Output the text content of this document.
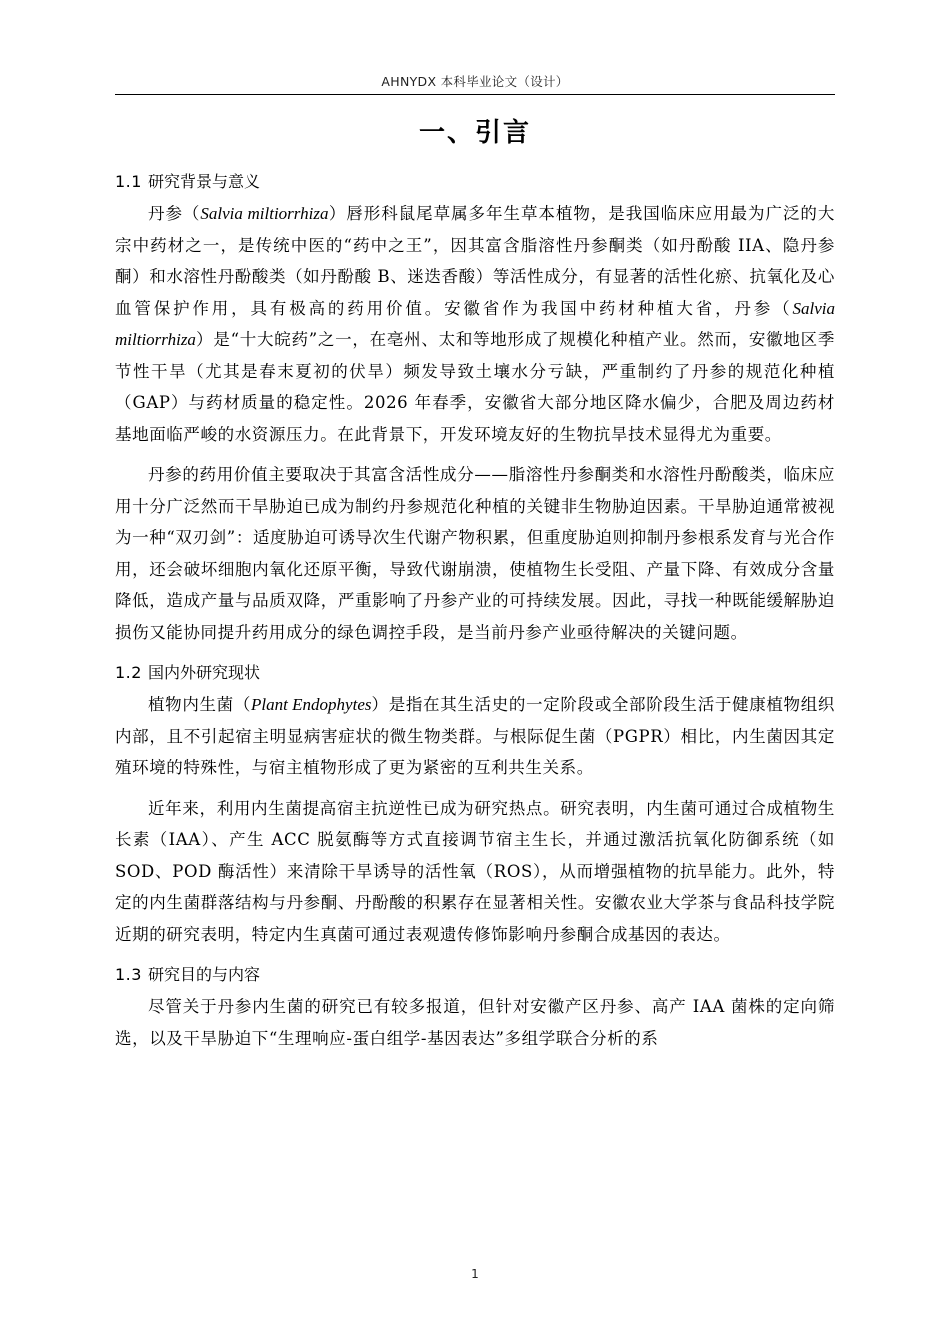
AHNYDX 本科毕业论文（设计）
一、引言
1.1 研究背景与意义

丹参（Salvia miltiorrhiza）唇形科鼠尾草属多年生草本植物，是我国临床应用最为广泛的大宗中药材之一，是传统中医的“药中之王”，因其富含脂溶性丹参酮类（如丹酚酸 IIA、隐丹参酮）和水溶性丹酚酸类（如丹酚酸 B、迷迭香酸）等活性成分，有显著的活性化瘀、抗氧化及心血管保护作用，具有极高的药用价值。安徽省作为我国中药材种植大省，丹参（Salvia miltiorrhiza）是“十大皖药”之一，在亳州、太和等地形成了规模化种植产业。然而，安徽地区季节性干旱（尤其是春末夏初的伏旱）频发导致土壤水分亏缺，严重制约了丹参的规范化种植（GAP）与药材质量的稳定性。2026 年春季，安徽省大部分地区降水偏少，合肥及周边药材基地面临严峻的水资源压力。在此背景下，开发环境友好的生物抗旱技术显得尤为重要。

丹参的药用价值主要取决于其富含活性成分——脂溶性丹参酮类和水溶性丹酚酸类，临床应用十分广泛然而干旱胁迫已成为制约丹参规范化种植的关键非生物胁迫因素。干旱胁迫通常被视为一种“双刃剑”：适度胁迫可诱导次生代谢产物积累，但重度胁迫则抑制丹参根系发育与光合作用，还会破坏细胞内氧化还原平衡，导致代谢崩溃，使植物生长受阻、产量下降、有效成分含量降低，造成产量与品质双降，严重影响了丹参产业的可持续发展。因此，寻找一种既能缓解胁迫损伤又能协同提升药用成分的绿色调控手段，是当前丹参产业亟待解决的关键问题。

1.2 国内外研究现状

植物内生菌（Plant Endophytes）是指在其生活史的一定阶段或全部阶段生活于健康植物组织内部，且不引起宿主明显病害症状的微生物类群。与根际促生菌（PGPR）相比，内生菌因其定殖环境的特殊性，与宿主植物形成了更为紧密的互利共生关系。

近年来，利用内生菌提高宿主抗逆性已成为研究热点。研究表明，内生菌可通过合成植物生长素（IAA）、产生 ACC 脱氨酶等方式直接调节宿主生长，并通过激活抗氧化防御系统（如 SOD、POD 酶活性）来清除干旱诱导的活性氧（ROS），从而增强植物的抗旱能力。此外，特定的内生菌群落结构与丹参酮、丹酚酸的积累存在显著相关性。安徽农业大学茶与食品科技学院近期的研究表明，特定内生真菌可通过表观遗传修饰影响丹参酮合成基因的表达。

1.3 研究目的与内容

尽管关于丹参内生菌的研究已有较多报道，但针对安徽产区丹参、高产 IAA 菌株的定向筛选，以及干旱胁迫下“生理响应-蛋白组学-基因表达”多组学联合分析的系

1
